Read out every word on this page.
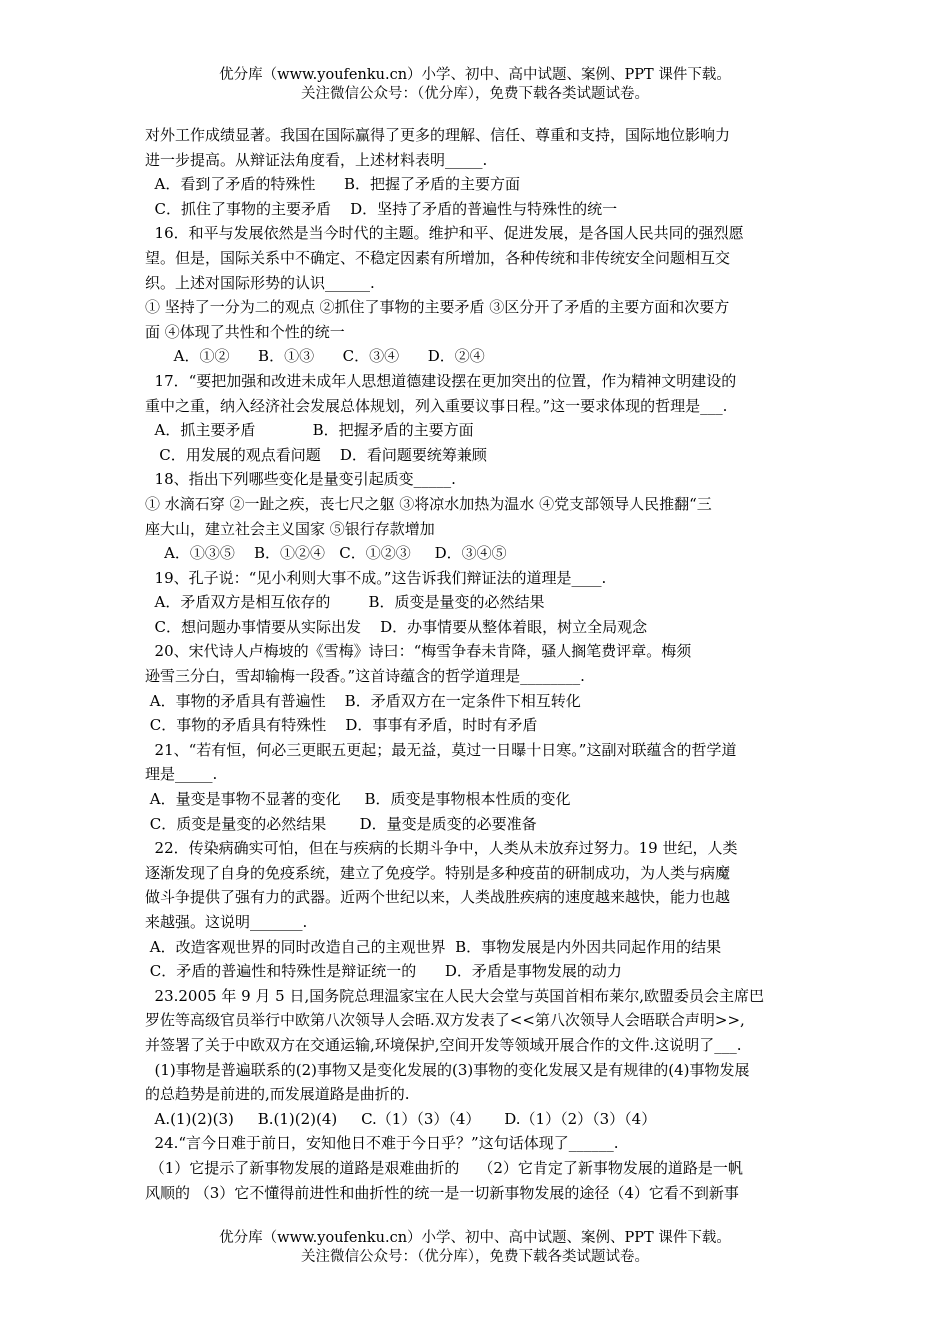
优分库（www.youfenku.cn）小学、初中、高中试题、案例、PPT 课件下载。
关注微信公众号：（优分库），免费下载各类试题试卷。
对外工作成绩显著。我国在国际赢得了更多的理解、信任、尊重和支持，国际地位影响力
进一步提高。从辩证法角度看，上述材料表明_____.
A．看到了矛盾的特殊性      B．把握了矛盾的主要方面
C．抓住了事物的主要矛盾    D．坚持了矛盾的普遍性与特殊性的统一
16．和平与发展依然是当今时代的主题。维护和平、促进发展，是各国人民共同的强烈愿
望。但是，国际关系中不确定、不稳定因素有所增加，各种传统和非传统安全问题相互交
织。上述对国际形势的认识______.
① 坚持了一分为二的观点 ②抓住了事物的主要矛盾 ③区分开了矛盾的主要方面和次要方
面 ④体现了共性和个性的统一
A．①②      B．①③      C．③④      D．②④
17．“要把加强和改进未成年人思想道德建设摆在更加突出的位置，作为精神文明建设的
重中之重，纳入经济社会发展总体规划，列入重要议事日程。”这一要求体现的哲理是___.
A．抓主要矛盾            B．把握矛盾的主要方面
C．用发展的观点看问题    D．看问题要统筹兼顾
18、指出下列哪些变化是量变引起质变_____.
① 水滴石穿 ②一趾之疾，丧七尺之躯 ③将凉水加热为温水 ④党支部领导人民推翻“三
座大山，建立社会主义国家 ⑤银行存款增加
A．①③⑤    B．①②④   C．①②③     D．③④⑤
19、孔子说：“见小利则大事不成。”这告诉我们辩证法的道理是____.
A．矛盾双方是相互依存的        B．质变是量变的必然结果
C．想问题办事情要从实际出发    D．办事情要从整体着眼，树立全局观念
20、宋代诗人卢梅坡的《雪梅》诗曰：“梅雪争春未肯降，骚人搁笔费评章。梅须
逊雪三分白，雪却输梅一段香。”这首诗蕴含的哲学道理是________.
A．事物的矛盾具有普遍性    B．矛盾双方在一定条件下相互转化
C．事物的矛盾具有特殊性    D．事事有矛盾，时时有矛盾
21、“若有恒，何必三更眠五更起；最无益，莫过一日曝十日寒。”这副对联蕴含的哲学道
理是_____.
A．量变是事物不显著的变化     B．质变是事物根本性质的变化
C．质变是量变的必然结果       D．量变是质变的必要准备
22．传染病确实可怕，但在与疾病的长期斗争中，人类从未放弃过努力。19 世纪，人类
逐渐发现了自身的免疫系统，建立了免疫学。特别是多种疫苗的研制成功，为人类与病魔
做斗争提供了强有力的武器。近两个世纪以来，人类战胜疾病的速度越来越快，能力也越
来越强。这说明_______.
A．改造客观世界的同时改造自己的主观世界  B．事物发展是内外因共同起作用的结果
C．矛盾的普遍性和特殊性是辩证统一的      D．矛盾是事物发展的动力
23.2005 年 9 月 5 日,国务院总理温家宝在人民大会堂与英国首相布莱尔,欧盟委员会主席巴
罗佐等高级官员举行中欧第八次领导人会晤.双方发表了<<第八次领导人会晤联合声明>>,
并签署了关于中欧双方在交通运输,环境保护,空间开发等领域开展合作的文件.这说明了___.
(1)事物是普遍联系的(2)事物又是变化发展的(3)事物的变化发展又是有规律的(4)事物发展
的总趋势是前进的,而发展道路是曲折的.
A.(1)(2)(3)     B.(1)(2)(4)     C.（1）（3）（4）     D.（1）（2）（3）（4）
24.“言今日难于前日，安知他日不难于今日乎？”这句话体现了______.
（1）它提示了新事物发展的道路是艰难曲折的    （2）它肯定了新事物发展的道路是一帆
风顺的 （3）它不懂得前进性和曲折性的统一是一切新事物发展的途径（4）它看不到新事
优分库（www.youfenku.cn）小学、初中、高中试题、案例、PPT 课件下载。
关注微信公众号：（优分库），免费下载各类试题试卷。
